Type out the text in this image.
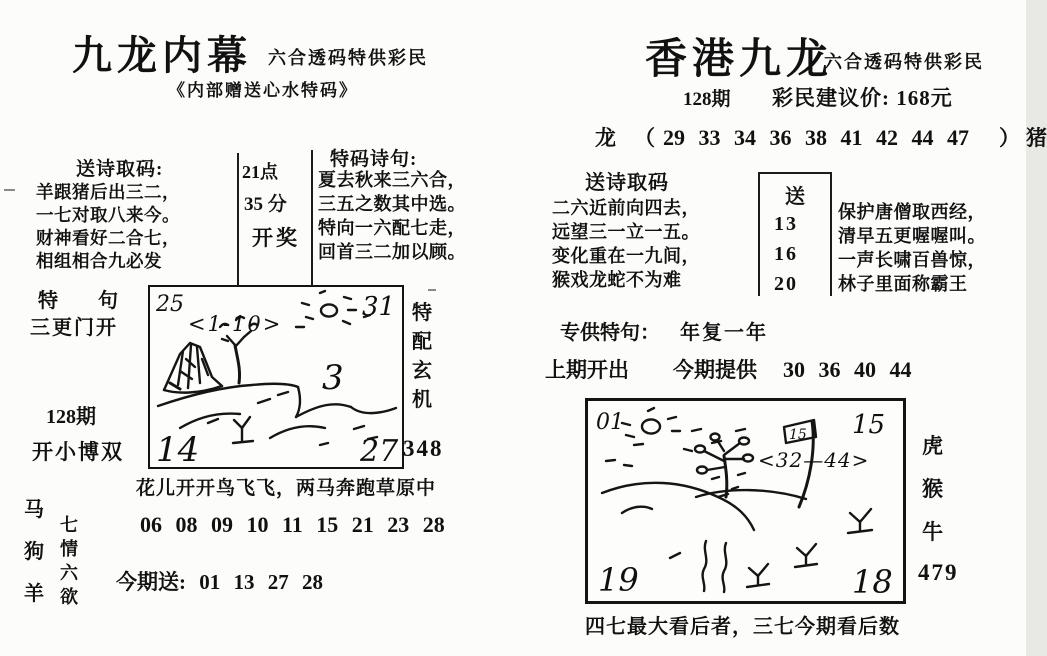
九龙内幕 六合透码特供彩民
《内部赠送心水特码》
送诗取码:
羊跟猪后出三二，
一七对取八来今。
财神看好二合七，
相组相合九必发
21点
35 分
开奖
特码诗句:
夏去秋来三六合，
三五之数其中选。
特向一六配七走，
回首三二加以顾。
特　　句
三更门开
128期
开小博双
25	31
14	27
<1-10>
3
特
配
玄
机
348
花儿开开鸟飞飞，两马奔跑草原中
06 08 09 10 11 15 21 23 28
马
狗
羊
七
情
六
欲
今期送: 01 13 27 28
香港九龙
六合透码特供彩民
128期 彩民建议价: 168元
龙 （ 29 33 34 36 38 41 42 44 47 ） 猪
送诗取码
二六近前向四去，
远望三一立一五。
变化重在一九间，
猴戏龙蛇不为难
送
13
16
20
保护唐僧取西经，
清早五更喔喔叫。
一声长啸百兽惊，
林子里面称霸王
专供特句： 年复一年
上期开出 今期提供 30 36 40 44
01	15
19	18
15
<32—44>
虎
猴
牛
479
四七最大看后者，三七今期看后数
